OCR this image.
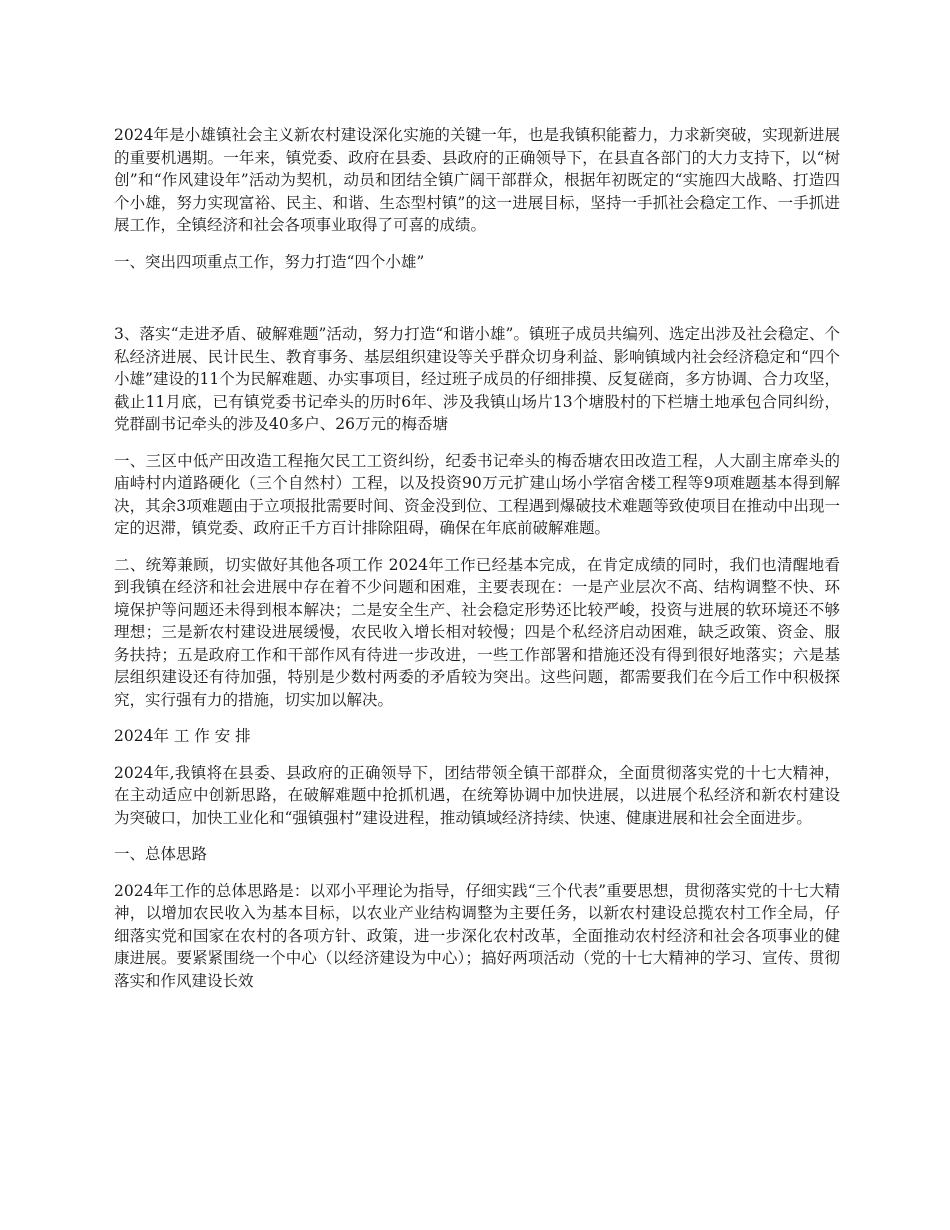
2024年是小雄镇社会主义新农村建设深化实施的关键一年，也是我镇积能蓄力，力求新突破，实现新进展的重要机遇期。一年来，镇党委、政府在县委、县政府的正确领导下，在县直各部门的大力支持下，以“树创”和“作风建设年”活动为契机，动员和团结全镇广阔干部群众，根据年初既定的“实施四大战略、打造四个小雄，努力实现富裕、民主、和谐、生态型村镇”的这一进展目标，坚持一手抓社会稳定工作、一手抓进展工作，全镇经济和社会各项事业取得了可喜的成绩。

一、突出四项重点工作，努力打造“四个小雄”

3、落实“走进矛盾、破解难题”活动，努力打造“和谐小雄”。镇班子成员共编列、选定出涉及社会稳定、个私经济进展、民计民生、教育事务、基层组织建设等关乎群众切身利益、影响镇域内社会经济稳定和“四个小雄”建设的11个为民解难题、办实事项目，经过班子成员的仔细排摸、反复磋商，多方协调、合力攻坚，截止11月底，已有镇党委书记牵头的历时6年、涉及我镇山场片13个塘股村的下栏塘土地承包合同纠纷，党群副书记牵头的涉及40多户、26万元的梅岙塘

一、三区中低产田改造工程拖欠民工工资纠纷，纪委书记牵头的梅岙塘农田改造工程，人大副主席牵头的庙峙村内道路硬化（三个自然村）工程，以及投资90万元扩建山场小学宿舍楼工程等9项难题基本得到解决，其余3项难题由于立项报批需要时间、资金没到位、工程遇到爆破技术难题等致使项目在推动中出现一定的迟滞，镇党委、政府正千方百计排除阻碍，确保在年底前破解难题。

二、统筹兼顾，切实做好其他各项工作 2024年工作已经基本完成，在肯定成绩的同时，我们也清醒地看到我镇在经济和社会进展中存在着不少问题和困难，主要表现在：一是产业层次不高、结构调整不快、环境保护等问题还未得到根本解决；二是安全生产、社会稳定形势还比较严峻，投资与进展的软环境还不够理想；三是新农村建设进展缓慢，农民收入增长相对较慢；四是个私经济启动困难，缺乏政策、资金、服务扶持；五是政府工作和干部作风有待进一步改进，一些工作部署和措施还没有得到很好地落实；六是基层组织建设还有待加强，特别是少数村两委的矛盾较为突出。这些问题，都需要我们在今后工作中积极探究，实行强有力的措施，切实加以解决。

2024年 工 作 安 排

2024年,我镇将在县委、县政府的正确领导下，团结带领全镇干部群众，全面贯彻落实党的十七大精神，在主动适应中创新思路，在破解难题中抢抓机遇，在统筹协调中加快进展，以进展个私经济和新农村建设为突破口，加快工业化和“强镇强村”建设进程，推动镇域经济持续、快速、健康进展和社会全面进步。

一、总体思路

2024年工作的总体思路是：以邓小平理论为指导，仔细实践“三个代表”重要思想，贯彻落实党的十七大精神，以增加农民收入为基本目标，以农业产业结构调整为主要任务，以新农村建设总揽农村工作全局，仔细落实党和国家在农村的各项方针、政策，进一步深化农村改革，全面推动农村经济和社会各项事业的健康进展。要紧紧围绕一个中心（以经济建设为中心）；搞好两项活动（党的十七大精神的学习、宣传、贯彻落实和作风建设长效
